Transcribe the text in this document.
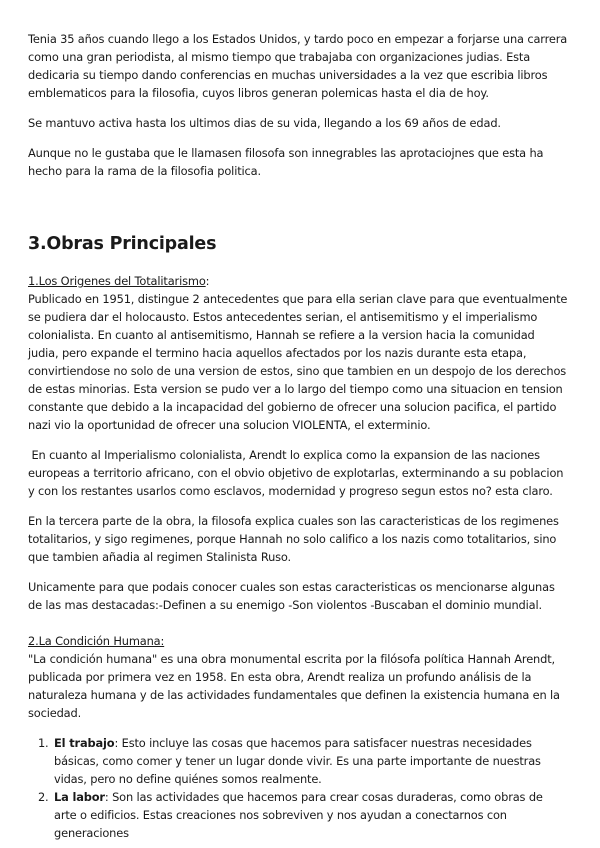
Tenia 35 años cuando llego a los Estados Unidos, y tardo poco en empezar a forjarse una carrera como una gran periodista, al mismo tiempo que trabajaba con organizaciones judias. Esta dedicaria su tiempo dando conferencias en muchas universidades a la vez que escribia libros emblematicos para la filosofia, cuyos libros generan polemicas hasta el dia de hoy.

Se mantuvo activa hasta los ultimos dias de su vida, llegando a los 69 años de edad.

Aunque no le gustaba que le llamasen filosofa son innegrables las aprotaciojnes que esta ha hecho para la rama de la filosofia politica.

3.Obras Principales
1.Los Origenes del Totalitarismo:

Publicado en 1951, distingue 2 antecedentes que para ella serian clave para que eventualmente se pudiera dar el holocausto. Estos antecedentes serian, el antisemitismo y el imperialismo colonialista. En cuanto al antisemitismo, Hannah se refiere a la version hacia la comunidad judia, pero expande el termino hacia aquellos afectados por los nazis durante esta etapa, convirtiendose no solo de una version de estos, sino que tambien en un despojo de los derechos de estas minorias. Esta version se pudo ver a lo largo del tiempo como una situacion en tension constante que debido a la incapacidad del gobierno de ofrecer una solucion pacifica, el partido nazi vio la oportunidad de ofrecer una solucion VIOLENTA, el exterminio.

En cuanto al Imperialismo colonialista, Arendt lo explica como la expansion de las naciones europeas a territorio africano, con el obvio objetivo de explotarlas, exterminando a su poblacion y con los restantes usarlos como esclavos, modernidad y progreso segun estos no? esta claro.

En la tercera parte de la obra, la filosofa explica cuales son las caracteristicas de los regimenes totalitarios, y sigo regimenes, porque Hannah no solo califico a los nazis como totalitarios, sino que tambien añadia al regimen Stalinista Ruso.

Unicamente para que podais conocer cuales son estas caracteristicas os mencionarse algunas de las mas destacadas:-Definen a su enemigo -Son violentos -Buscaban el dominio mundial.

2.La Condición Humana:

"La condición humana" es una obra monumental escrita por la filósofa política Hannah Arendt, publicada por primera vez en 1958. En esta obra, Arendt realiza un profundo análisis de la naturaleza humana y de las actividades fundamentales que definen la existencia humana en la sociedad.

1. El trabajo: Esto incluye las cosas que hacemos para satisfacer nuestras necesidades básicas, como comer y tener un lugar donde vivir. Es una parte importante de nuestras vidas, pero no define quiénes somos realmente.
2. La labor: Son las actividades que hacemos para crear cosas duraderas, como obras de arte o edificios. Estas creaciones nos sobreviven y nos ayudan a conectarnos con generaciones
